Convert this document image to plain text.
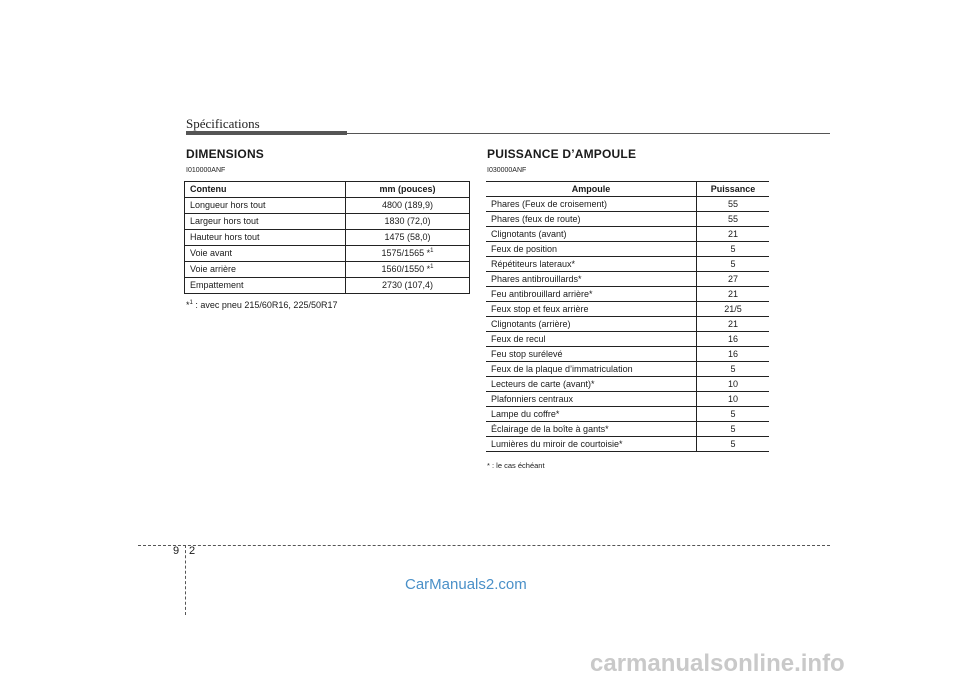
Spécifications
DIMENSIONS
I010000ANF
Contenu	mm (pouces)
Longueur hors tout	4800 (189,9)
Largeur hors tout	1830 (72,0)
Hauteur hors tout	1475 (58,0)
Voie avant	1575/1565 *$^1$
Voie arrière	1560/1550 *$^1$
Empattement	2730 (107,4)
*$^1$ : avec pneu 215/60R16, 225/50R17
PUISSANCE D’AMPOULE
I030000ANF
Ampoule	Puissance
Phares (Feux de croisement)	55
Phares (feux de route)	55
Clignotants (avant)	21
Feux de position	5
Répétiteurs lateraux*	5
Phares antibrouillards*	27
Feu antibrouillard arrière*	21
Feux stop et feux arrière	21/5
Clignotants (arrière)	21
Feux de recul	16
Feu stop surélevé	16
Feux de la plaque d’immatriculation	5
Lecteurs de carte (avant)*	10
Plafonniers centraux	10
Lampe du coffre*	5
Éclairage de la boîte à gants*	5
Lumières du miroir de courtoisie*	5
* : le cas échéant
9 2
CarManuals2.com
carmanualsonline.info
